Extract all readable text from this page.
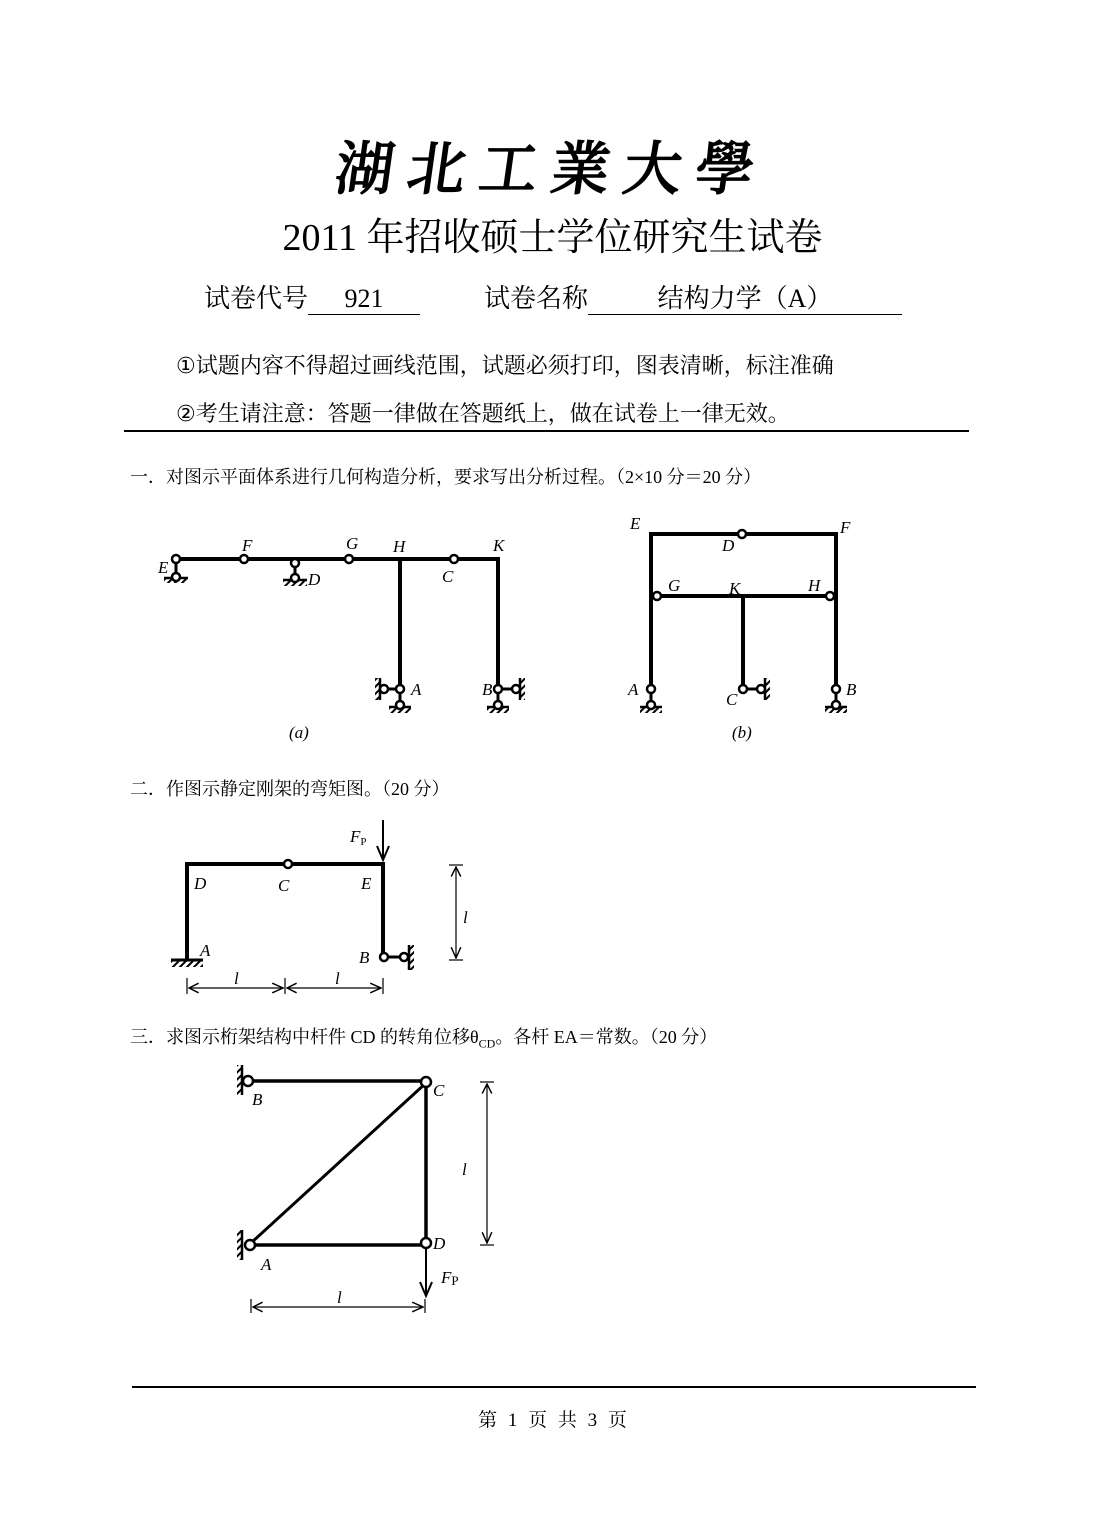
湖北工業大學
2011 年招收硕士学位研究生试卷
试卷代号 921	试卷名称	结构力学（A）
①试题内容不得超过画线范围，试题必须打印，图表清晰，标注准确
②考生请注意：答题一律做在答题纸上，做在试卷上一律无效。
一．对图示平面体系进行几何构造分析，要求写出分析过程。（2×10 分＝20 分）
E
F	G H	K
D	C
A	B
(a)
E	F
D
G	K	H
A
C
B
(b)
FP
D	C	E
A	B
l	l
l
B	C
A
D
FP
l
l
二．作图示静定刚架的弯矩图。（20 分）
三．求图示桁架结构中杆件 CD 的转角位移$\theta_{CD}$。各杆 EA＝常数。（20 分）
第 1 页 共 3 页
